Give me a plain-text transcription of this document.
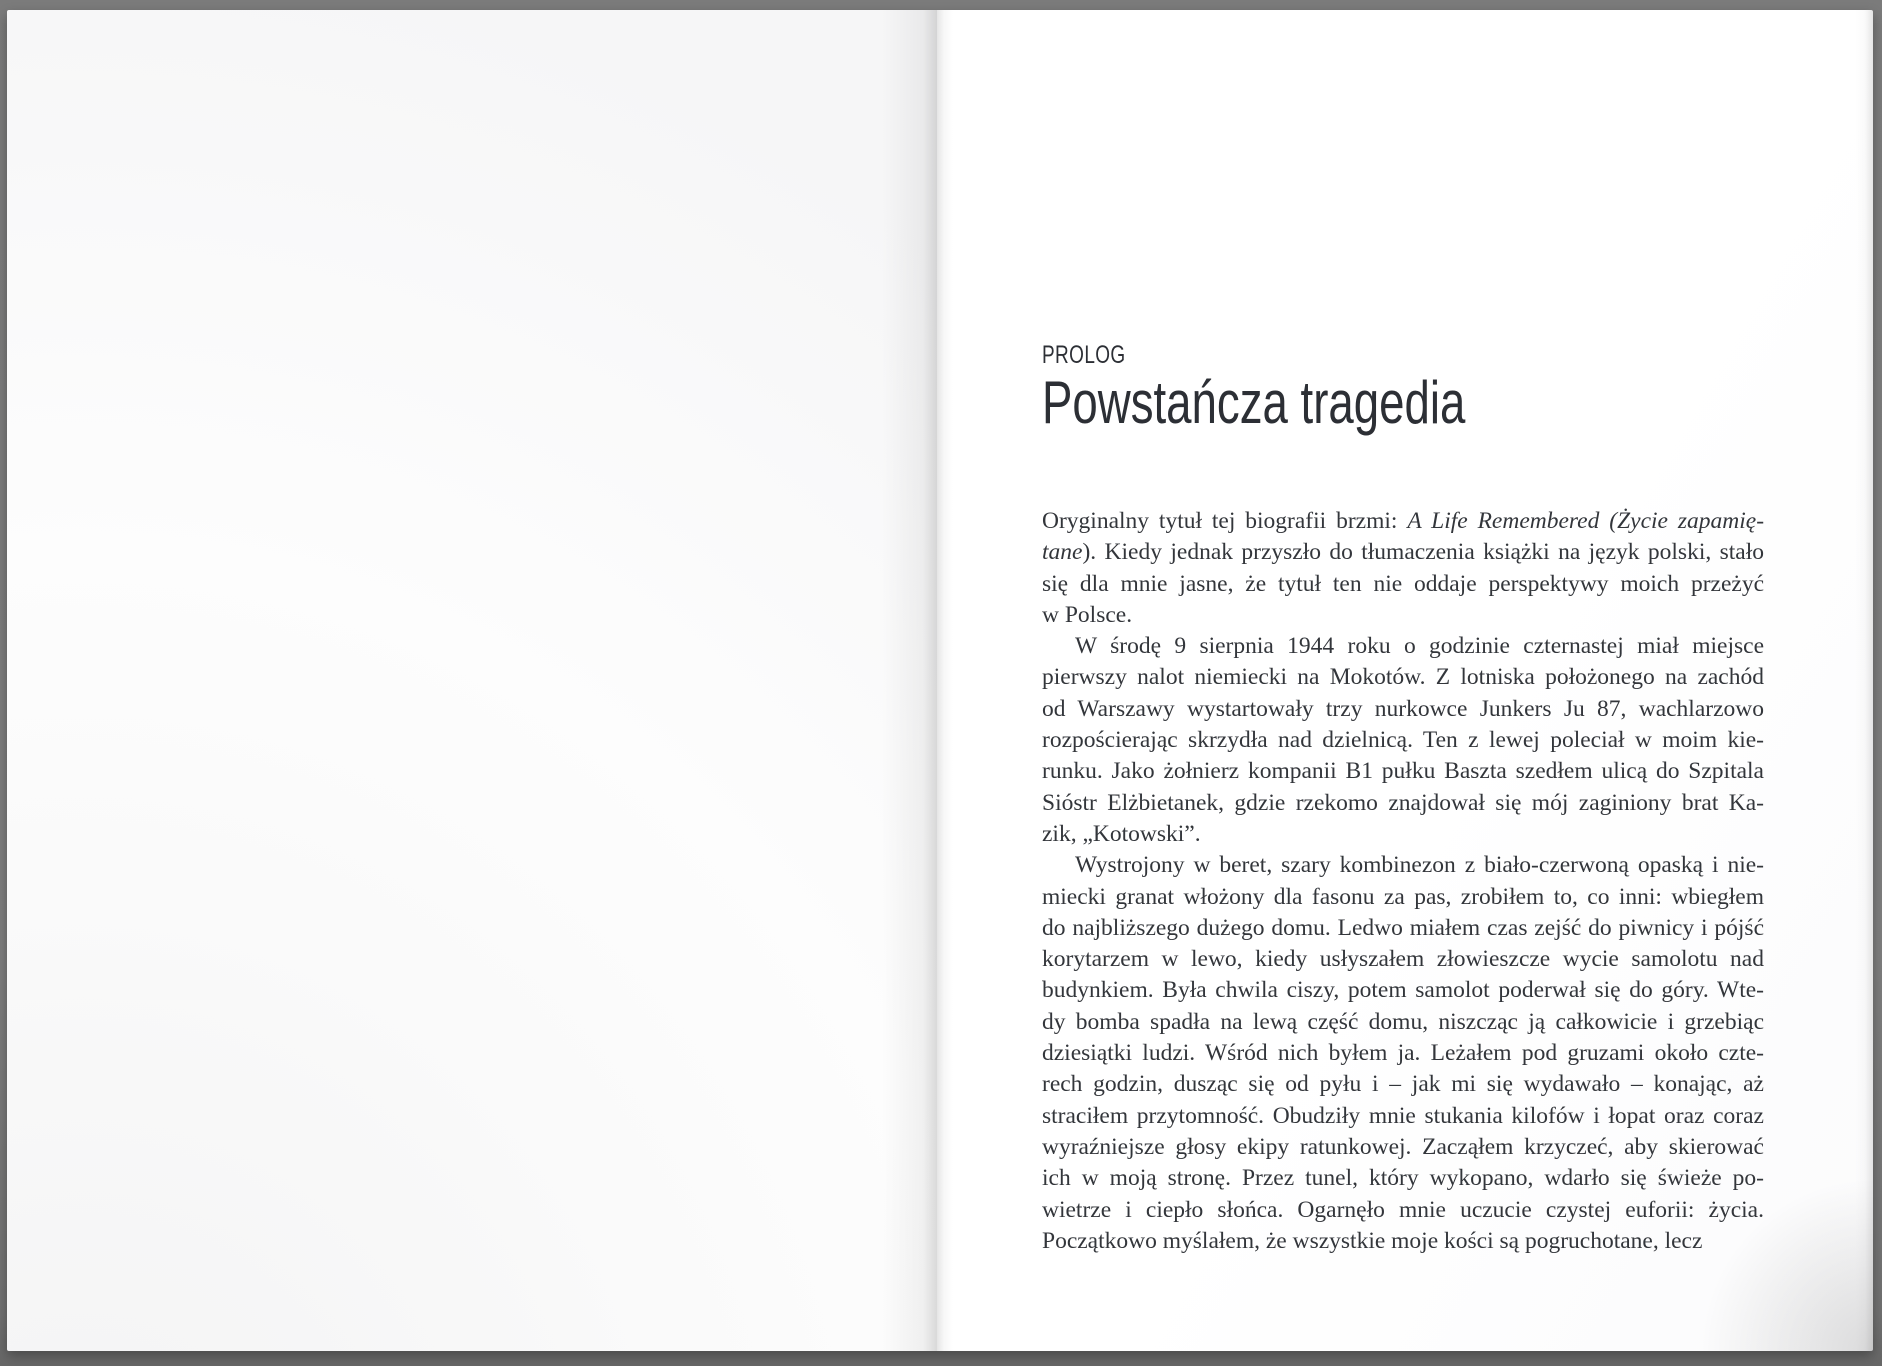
PROLOG
Powstańcza tragedia
Oryginalny tytuł tej biografii brzmi: A Life Remembered (Życie zapamię-
tane). Kiedy jednak przyszło do tłumaczenia książki na język polski, stało
się dla mnie jasne, że tytuł ten nie oddaje perspektywy moich przeżyć
w Polsce.
W środę 9 sierpnia 1944 roku o godzinie czternastej miał miejsce
pierwszy nalot niemiecki na Mokotów. Z lotniska położonego na zachód
od Warszawy wystartowały trzy nurkowce Junkers Ju 87, wachlarzowo
rozpościerając skrzydła nad dzielnicą. Ten z lewej poleciał w moim kie-
runku. Jako żołnierz kompanii B1 pułku Baszta szedłem ulicą do Szpitala
Sióstr Elżbietanek, gdzie rzekomo znajdował się mój zaginiony brat Ka-
zik, „Kotowski”.
Wystrojony w beret, szary kombinezon z biało-czerwoną opaską i nie-
miecki granat włożony dla fasonu za pas, zrobiłem to, co inni: wbiegłem
do najbliższego dużego domu. Ledwo miałem czas zejść do piwnicy i pójść
korytarzem w lewo, kiedy usłyszałem złowieszcze wycie samolotu nad
budynkiem. Była chwila ciszy, potem samolot poderwał się do góry. Wte-
dy bomba spadła na lewą część domu, niszcząc ją całkowicie i grzebiąc
dziesiątki ludzi. Wśród nich byłem ja. Leżałem pod gruzami około czte-
rech godzin, dusząc się od pyłu i – jak mi się wydawało – konając, aż
straciłem przytomność. Obudziły mnie stukania kilofów i łopat oraz coraz
wyraźniejsze głosy ekipy ratunkowej. Zacząłem krzyczeć, aby skierować
ich w moją stronę. Przez tunel, który wykopano, wdarło się świeże po-
wietrze i ciepło słońca. Ogarnęło mnie uczucie czystej euforii: życia.
Początkowo myślałem, że wszystkie moje kości są pogruchotane, lecz
